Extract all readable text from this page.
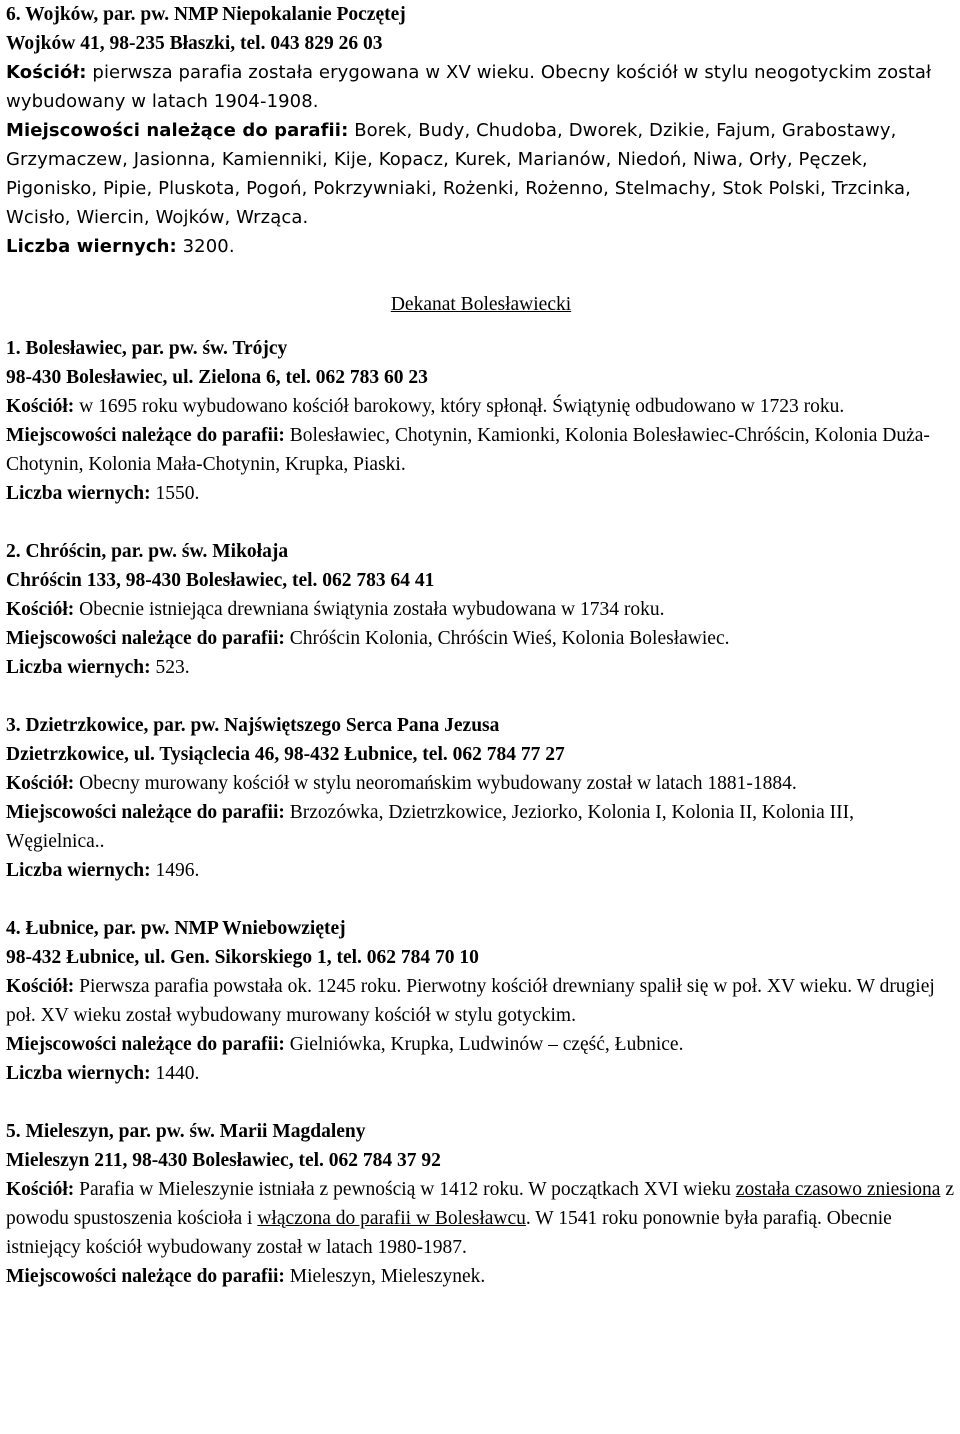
6. Wojków, par. pw. NMP Niepokalanie Poczętej

Wojków 41, 98-235 Błaszki, tel. 043 829 26 03

Kościół: pierwsza parafia została erygowana w XV wieku. Obecny kościół w stylu neogotyckim został wybudowany w latach 1904-1908.

Miejscowości należące do parafii: Borek, Budy, Chudoba, Dworek, Dzikie, Fajum, Grabostawy, Grzymaczew, Jasionna, Kamienniki, Kije, Kopacz, Kurek, Marianów, Niedoń, Niwa, Orły, Pęczek, Pigonisko, Pipie, Pluskota, Pogoń, Pokrzywniaki, Rożenki, Rożenno, Stelmachy, Stok Polski, Trzcinka, Wcisło, Wiercin, Wojków, Wrząca.

Liczba wiernych: 3200.

Dekanat Bolesławiecki

1. Bolesławiec, par. pw. św. Trójcy

98-430 Bolesławiec, ul. Zielona 6, tel. 062 783 60 23

Kościół: w 1695 roku wybudowano kościół barokowy, który spłonął. Świątynię odbudowano w 1723 roku.

Miejscowości należące do parafii: Bolesławiec, Chotynin, Kamionki, Kolonia Bolesławiec-Chróścin, Kolonia Duża-Chotynin, Kolonia Mała-Chotynin, Krupka, Piaski.

Liczba wiernych: 1550.

2. Chróścin, par. pw. św. Mikołaja

Chróścin 133, 98-430 Bolesławiec, tel. 062 783 64 41

Kościół: Obecnie istniejąca drewniana świątynia została wybudowana w 1734 roku.

Miejscowości należące do parafii: Chróścin Kolonia, Chróścin Wieś, Kolonia Bolesławiec.

Liczba wiernych: 523.

3. Dzietrzkowice, par. pw. Najświętszego Serca Pana Jezusa

Dzietrzkowice, ul. Tysiąclecia 46, 98-432 Łubnice, tel. 062 784 77 27

Kościół: Obecny murowany kościół w stylu neoromańskim wybudowany został w latach 1881-1884.

Miejscowości należące do parafii: Brzozówka, Dzietrzkowice, Jeziorko, Kolonia I, Kolonia II, Kolonia III, Węgielnica..

Liczba wiernych: 1496.

4. Łubnice, par. pw. NMP Wniebowziętej

98-432 Łubnice, ul. Gen. Sikorskiego 1, tel. 062 784 70 10

Kościół: Pierwsza parafia powstała ok. 1245 roku. Pierwotny kościół drewniany spalił się w poł. XV wieku. W drugiej poł. XV wieku został wybudowany murowany kościół w stylu gotyckim.

Miejscowości należące do parafii: Gielniówka, Krupka, Ludwinów – część, Łubnice.

Liczba wiernych: 1440.

5. Mieleszyn, par. pw. św. Marii Magdaleny

Mieleszyn 211, 98-430 Bolesławiec, tel. 062 784 37 92

Kościół: Parafia w Mieleszynie istniała z pewnością w 1412 roku. W początkach XVI wieku została czasowo zniesiona z powodu spustoszenia kościoła i włączona do parafii w Bolesławcu. W 1541 roku ponownie była parafią. Obecnie istniejący kościół wybudowany został w latach 1980-1987.

Miejscowości należące do parafii: Mieleszyn, Mieleszynek.
